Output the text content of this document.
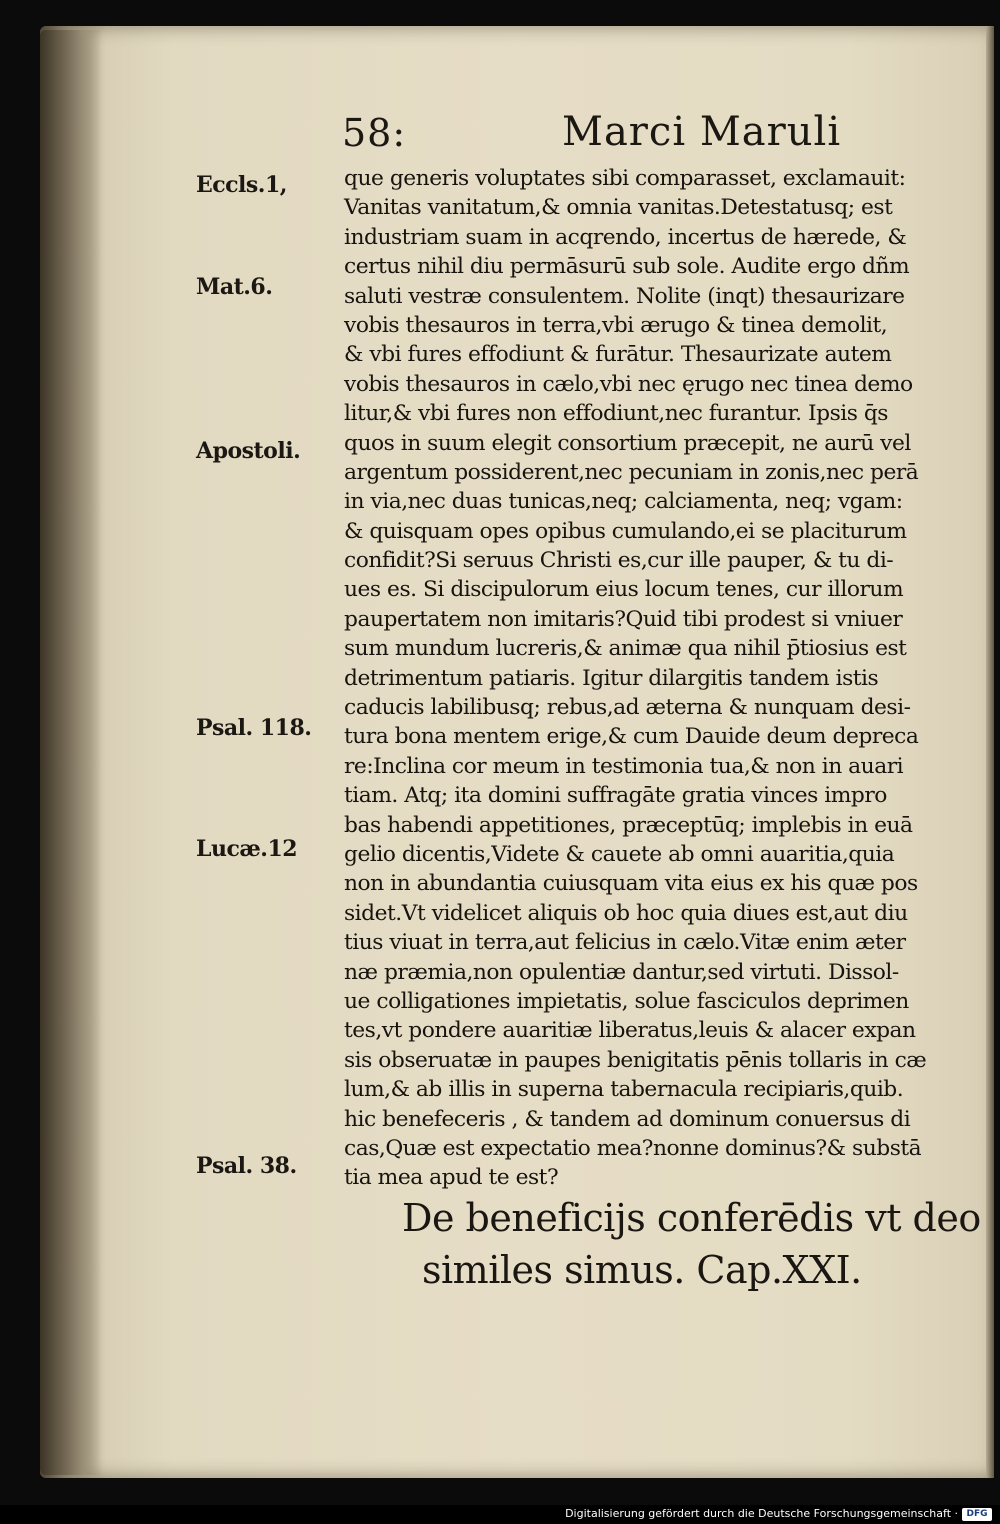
58:	Marci Maruli
Eccls.1,
Mat.6.
Apostoli.
Psal. 118.
Lucæ.12
Psal. 38.
que generis voluptates sibi comparasset, exclamauit:
Vanitas vanitatum,& omnia vanitas.Detestatusq; est
industriam suam in acqrendo, incertus de hærede, &
certus nihil diu permāsurū sub sole. Audite ergo dñm
saluti vestræ consulentem. Nolite (inqt) thesaurizare
vobis thesauros in terra,vbi ærugo & tinea demolit,
& vbi fures effodiunt & furātur. Thesaurizate autem
vobis thesauros in cælo,vbi nec ęrugo nec tinea demo
litur,& vbi fures non effodiunt,nec furantur. Ipsis q̄s
quos in suum elegit consortium præcepit, ne aurū vel
argentum possiderent,nec pecuniam in zonis,nec perā
in via,nec duas tunicas,neq; calciamenta, neq; vgam:
& quisquam opes opibus cumulando,ei se placiturum
confidit?Si seruus Christi es,cur ille pauper, & tu di-
ues es. Si discipulorum eius locum tenes, cur illorum
paupertatem non imitaris?Quid tibi prodest si vniuer
sum mundum lucreris,& animæ qua nihil p̄tiosius est
detrimentum patiaris. Igitur dilargitis tandem istis
caducis labilibusq; rebus,ad æterna & nunquam desi-
tura bona mentem erige,& cum Dauide deum depreca
re:Inclina cor meum in testimonia tua,& non in auari
tiam. Atq; ita domini suffragāte gratia vinces impro
bas habendi appetitiones, præceptūq; implebis in euā
gelio dicentis,Videte & cauete ab omni auaritia,quia
non in abundantia cuiusquam vita eius ex his quæ pos
sidet.Vt videlicet aliquis ob hoc quia diues est,aut diu
tius viuat in terra,aut felicius in cælo.Vitæ enim æter
næ præmia,non opulentiæ dantur,sed virtuti. Dissol-
ue colligationes impietatis, solue fasciculos deprimen
tes,vt pondere auaritiæ liberatus,leuis & alacer expan
sis obseruatæ in paupes benigitatis pēnis tollaris in cæ
lum,& ab illis in superna tabernacula recipiaris,quib.
hic benefeceris , & tandem ad dominum conuersus di
cas,Quæ est expectatio mea?nonne dominus?& substā
tia mea apud te est?
De beneficijs conferēdis vt deo
similes simus. Cap.XXI.
Digitalisierung gefördert durch die Deutsche Forschungsgemeinschaft · DFG
